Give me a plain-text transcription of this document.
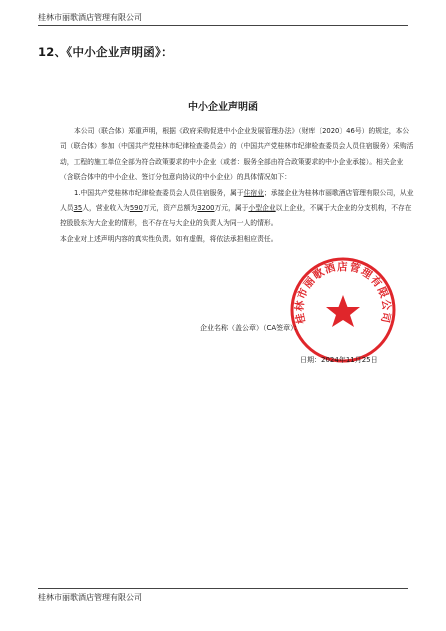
桂林市丽歌酒店管理有限公司
12、《中小企业声明函》：
中小企业声明函

本公司（联合体）郑重声明，根据《政府采购促进中小企业发展管理办法》（财库〔2020〕46号）的规定，本公司（联合体）参加（中国共产党桂林市纪律检查委员会）的（中国共产党桂林市纪律检查委员会人员住宿服务）采购活动，工程的施工单位全部为符合政策要求的中小企业（或者：服务全部由符合政策要求的中小企业承接）。相关企业（含联合体中的中小企业、签订分包意向协议的中小企业）的具体情况如下：

1.中国共产党桂林市纪律检查委员会人员住宿服务，属于住宿业；承接企业为桂林市丽歌酒店管理有限公司，从业人员35人，营业收入为590万元，资产总额为3200万元，属于小型企业以上企业，不属于大企业的分支机构，不存在控股股东为大企业的情形，也不存在与大企业的负责人为同一人的情形。

本企业对上述声明内容的真实性负责。如有虚假，将依法承担相应责任。

桂林市丽歌酒店管理有限公司
企业名称（盖公章）（CA签章）：
日期：2024年11月25日
桂林市丽歌酒店管理有限公司
